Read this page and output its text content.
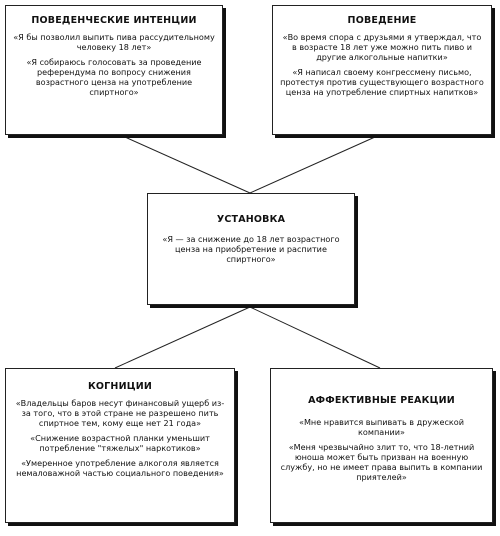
ПОВЕДЕНЧЕСКИЕ ИНТЕНЦИИ

«Я бы позволил выпить пива рассудительному человеку 18 лет»

«Я собираюсь голосовать за проведение референдума по вопросу снижения возрастного ценза на употребление спиртного»

ПОВЕДЕНИЕ

«Во время спора с друзьями я утверждал, что в возрасте 18 лет уже можно пить пиво и другие алкогольные напитки»

«Я написал своему конгрессмену письмо, протестуя против существующего возрастного ценза на употребление спиртных напитков»

УСТАНОВКА

«Я — за снижение до 18 лет возрастного ценза на приобретение и распитие спиртного»

КОГНИЦИИ

«Владельцы баров несут финансовый ущерб из-за того, что в этой стране не разрешено пить спиртное тем, кому еще нет 21 года»

«Снижение возрастной планки уменьшит потребление "тяжелых" наркотиков»

«Умеренное употребление алкоголя является немаловажной частью социального поведения»

АФФЕКТИВНЫЕ РЕАКЦИИ

«Мне нравится выпивать в дружеской компании»

«Меня чрезвычайно злит то, что 18-летний юноша может быть призван на военную службу, но не имеет права выпить в компании приятелей»
